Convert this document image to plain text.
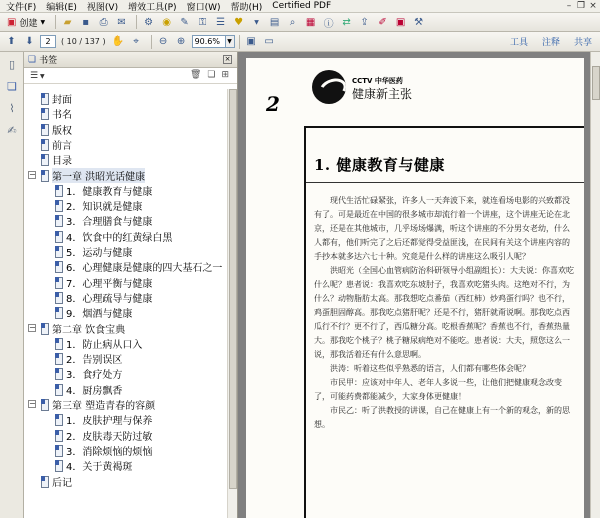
文件(F) 编辑(E) 视图(V) 增效工具(P) 窗口(W) 帮助(H) Certified PDF	– ❐ ×
▣ 创建 ▼ ▰ ▪ ⎙ ✉ ⚙ ◉ ✎ ⚿ ☰ ♥ ▼ ▤ ⌕ ▦ ⓘ ⇄ ⇪ ✐ ▣ ⚒
⬆ ⬇
2	( 10 / 137 ) ✋ ⌖ ⊖ ⊕ 90.6% ▼ ▣ ▭	工具 注释 共享
▯
❏
⌇
✍
❏ 书签	×
☰ ▼	🗑 ❏ ⊞
封面
书名
版权
前言
目录
− 第一章 洪昭光话健康
1．健康教育与健康
2．知识就是健康
3．合理膳食与健康
4．饮食中的红黄绿白黑
5．运动与健康
6．心理健康是健康的四大基石之一
7．心理平衡与健康
8．心理疏导与健康
9．烟酒与健康
− 第二章 饮食宝典
1．防止病从口入
2．告别误区
3．食疗处方
4．厨房飘香
− 第三章 塑造青春的容颜
1．皮肤护理与保养
2．皮肤毒天防过敏
3．消除烦恼的烦恼
4．关于黄褐斑
后记
2
CCTV 中华医药
健康新主张
1. 健康教育与健康

现代生活忙碌紧张，许多人一天奔波下来，就连看场电影的兴致都没有了。可是最近在中国的很多城市却流行着一个讲座，这个讲座无论在北京，还是在其他城市，几乎场场爆满，听这个讲座的不分男女老幼，什么人都有，他们听完了之后还都觉得受益匪浅，在民间有关这个讲座内容的手抄本就多达六七十种。究竟是什么样的讲座这么吸引人呢？

洪昭光（全国心血管病防治科研领导小组副组长）：大夫说：你喜欢吃什么呢？患者说：我喜欢吃东坡肘子，我喜欢吃猪头肉。这绝对不行，为什么？动物脂肪太高。那我想吃点番茄（西红柿）炒鸡蛋行吗？也不行，鸡蛋胆固醇高。那我吃点猪肝呢？还是不行，猪肝就甭说啊。那我吃点西瓜行不行？更不行了，西瓜糖分高。吃根香蕉呢？香蕉也不行，香蕉热量大。那我吃个桃子？桃子糖尿病绝对不能吃。患者说：大夫，照您这么一说，那我活着还有什么意思啊。

洪涛：听着这些似乎熟悉的语言，人们都有哪些体会呢？

市民甲：应该对中年人、老年人多说一些，让他们把健康观念改变了，可能药费都能减少，大家身体更健康！

市民乙：听了洪教授的讲课，自己在健康上有一个新的观念，新的思想。
